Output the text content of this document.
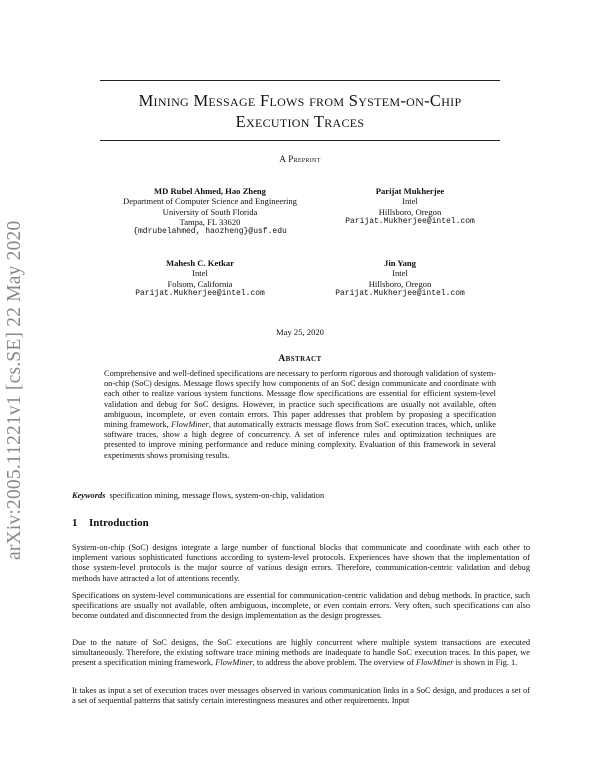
arXiv:2005.11221v1 [cs.SE] 22 May 2020
Mining Message Flows from System-on-Chip
Execution Traces
A Preprint
MD Rubel Ahmed, Hao Zheng
Department of Computer Science and Engineering
University of South Florida
Tampa, FL 33620
{mdrubelahmed, haozheng}@usf.edu
Parijat Mukherjee
Intel
Hillsboro, Oregon
Parijat.Mukherjee@intel.com
Mahesh C. Ketkar
Intel
Folsom, California
Parijat.Mukherjee@intel.com
Jin Yang
Intel
Hillsboro, Oregon
Parijat.Mukherjee@intel.com
May 25, 2020
Abstract
Comprehensive and well-defined specifications are necessary to perform rigorous and thorough validation of system-on-chip (SoC) designs. Message flows specify how components of an SoC design communicate and coordinate with each other to realize various system functions. Message flow specifications are essential for efficient system-level validation and debug for SoC designs. However, in practice such specifications are usually not available, often ambiguous, incomplete, or even contain errors. This paper addresses that problem by proposing a specification mining framework, FlowMiner, that automatically extracts message flows from SoC execution traces, which, unlike software traces, show a high degree of concurrency. A set of inference rules and optimization techniques are presented to improve mining performance and reduce mining complexity. Evaluation of this framework in several experiments shows promising results.
Keywords specification mining, message flows, system-on-chip, validation
1 Introduction
System-on-chip (SoC) designs integrate a large number of functional blocks that communicate and coordinate with each other to implement various sophisticated functions according to system-level protocols. Experiences have shown that the implementation of those system-level protocols is the major source of various design errors. Therefore, communication-centric validation and debug methods have attracted a lot of attentions recently.
Specifications on system-level communications are essential for communication-centric validation and debug methods. In practice, such specifications are usually not available, often ambiguous, incomplete, or even contain errors. Very often, such specifications can also become outdated and disconnected from the design implementation as the design progresses.
Due to the nature of SoC designs, the SoC executions are highly concurrent where multiple system transactions are executed simultaneously. Therefore, the existing software trace mining methods are inadequate to handle SoC execution traces. In this paper, we present a specification mining framework, FlowMiner, to address the above problem. The overview of FlowMiner is shown in Fig. 1.
It takes as input a set of execution traces over messages observed in various communication links in a SoC design, and produces a set of a set of sequential patterns that satisfy certain interestingness measures and other requirements. Input
